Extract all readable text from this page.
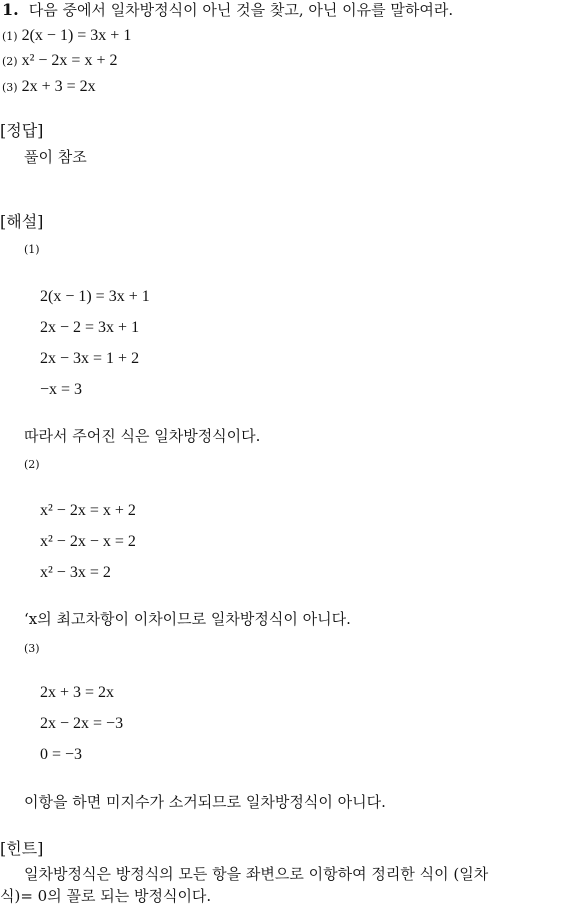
1. 다음 중에서 일차방정식이 아닌 것을 찾고, 아닌 이유를 말하여라.
(1) 2(x − 1) = 3x + 1
(2) x² − 2x = x + 2
(3) 2x + 3 = 2x
[정답]
풀이 참조
[해설]
(1)
2(x − 1) = 3x + 1
2x − 2 = 3x + 1
2x − 3x = 1 + 2
−x = 3
따라서 주어진 식은 일차방정식이다.
(2)
x² − 2x = x + 2
x² − 2x − x = 2
x² − 3x = 2
‘x의 최고차항이 이차이므로 일차방정식이 아니다.
(3)
2x + 3 = 2x
2x − 2x = −3
0 = −3
이항을 하면 미지수가 소거되므로 일차방정식이 아니다.
[힌트]
일차방정식은 방정식의 모든 항을 좌변으로 이항하여 정리한 식이 (일차
식)= 0의 꼴로 되는 방정식이다.
